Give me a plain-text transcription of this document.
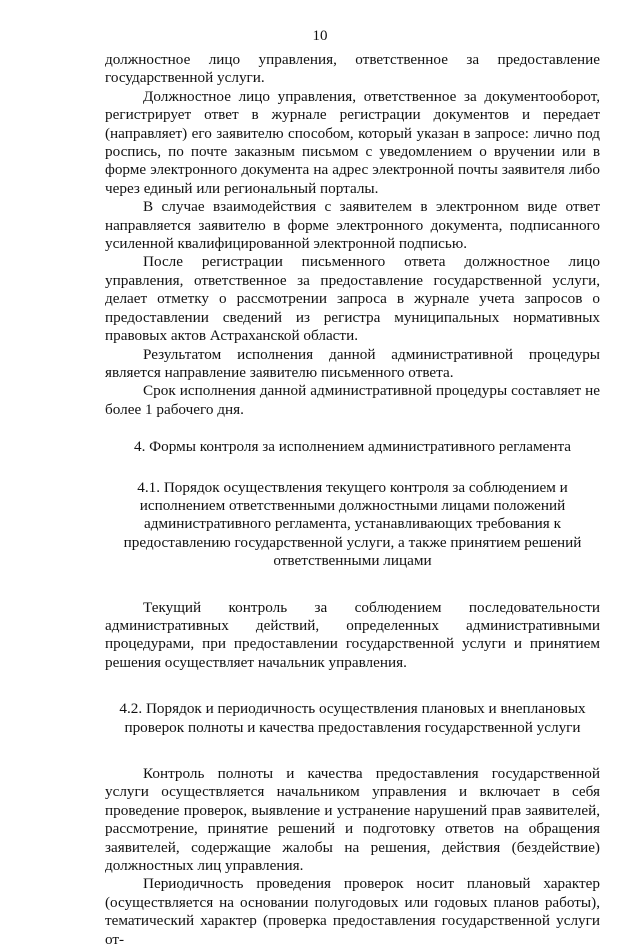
10

должностное лицо управления, ответственное за предоставление государственной услуги.

Должностное лицо управления, ответственное за документооборот, регистрирует ответ в журнале регистрации документов и передает (направляет) его заявителю способом, который указан в запросе: лично под роспись, по почте заказным письмом с уведомлением о вручении или в форме электронного документа на адрес электронной почты заявителя либо через единый или региональный порталы.

В случае взаимодействия с заявителем в электронном виде ответ направляется заявителю в форме электронного документа, подписанного усиленной квалифицированной электронной подписью.

После регистрации письменного ответа должностное лицо управления, ответственное за предоставление государственной услуги, делает отметку о рассмотрении запроса в журнале учета запросов о предоставлении сведений из регистра муниципальных нормативных правовых актов Астраханской области.

Результатом исполнения данной административной процедуры является направление заявителю письменного ответа.

Срок исполнения данной административной процедуры составляет не более 1 рабочего дня.

4. Формы контроля за исполнением административного регламента

4.1. Порядок осуществления текущего контроля за соблюдением и исполнением ответственными должностными лицами положений административного регламента, устанавливающих требования к предоставлению государственной услуги, а также принятием решений ответственными лицами

Текущий контроль за соблюдением последовательности административных действий, определенных административными процедурами, при предоставлении государственной услуги и принятием решения осуществляет начальник управления.

4.2. Порядок и периодичность осуществления плановых и внеплановых проверок полноты и качества предоставления государственной услуги

Контроль полноты и качества предоставления государственной услуги осуществляется начальником управления и включает в себя проведение проверок, выявление и устранение нарушений прав заявителей, рассмотрение, принятие решений и подготовку ответов на обращения заявителей, содержащие жалобы на решения, действия (бездействие) должностных лиц управления.

Периодичность проведения проверок носит плановый характер (осуществляется на основании полугодовых или годовых планов работы), тематический характер (проверка предоставления государственной услуги от-
